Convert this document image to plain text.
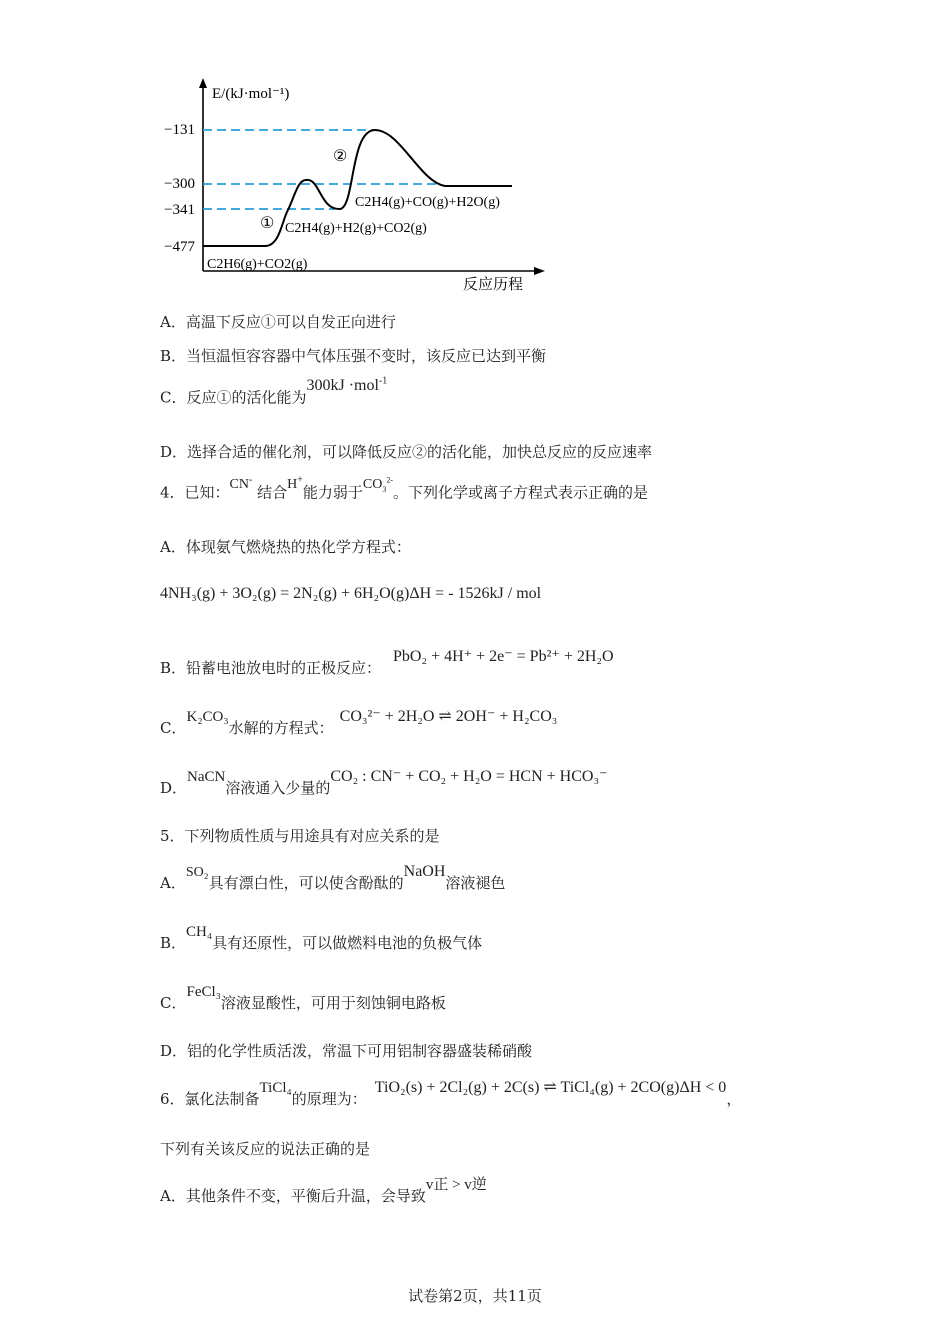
E/(kJ·mol⁻¹)
−131
−300
−341
−477
①
②
C2H6(g)+CO2(g)
C2H4(g)+H2(g)+CO2(g)
C2H4(g)+CO(g)+H2O(g)
反应历程
A．高温下反应①可以自发正向进行
B．当恒温恒容容器中气体压强不变时，该反应已达到平衡
C．反应①的活化能为300kJ ·mol$^{-1}$
D．选择合适的催化剂，可以降低反应②的活化能，加快总反应的反应速率
4．已知：CN- 结合H+能力弱于$CO_3^{2-}$。下列化学或离子方程式表示正确的是
A．体现氨气燃烧热的热化学方程式：
4NH₃(g) + 3O₂(g) = 2N₂(g) + 6H₂O(g)ΔH = - 1526kJ / mol
B．铅蓄电池放电时的正极反应：PbO₂ + 4H⁺ + 2e⁻ = Pb²⁺ + 2H₂O
C．K₂CO₃水解的方程式：CO₃²⁻ + 2H₂O ⇌ 2OH⁻ + H₂CO₃
D．NaCN溶液通入少量的CO₂ : CN⁻ + CO₂ + H₂O = HCN + HCO₃⁻
5．下列物质性质与用途具有对应关系的是
A．SO₂具有漂白性，可以使含酚酞的NaOH溶液褪色
B．CH₄具有还原性，可以做燃料电池的负极气体
C．FeCl₃溶液显酸性，可用于刻蚀铜电路板
D．铝的化学性质活泼，常温下可用铝制容器盛装稀硝酸
6．氯化法制备TiCl₄的原理为：TiO₂(s) + 2Cl₂(g) + 2C(s) ⇌ TiCl₄(g) + 2CO(g)ΔH < 0，
下列有关该反应的说法正确的是
A．其他条件不变，平衡后升温，会导致v正 > v逆
试卷第2页，共11页
